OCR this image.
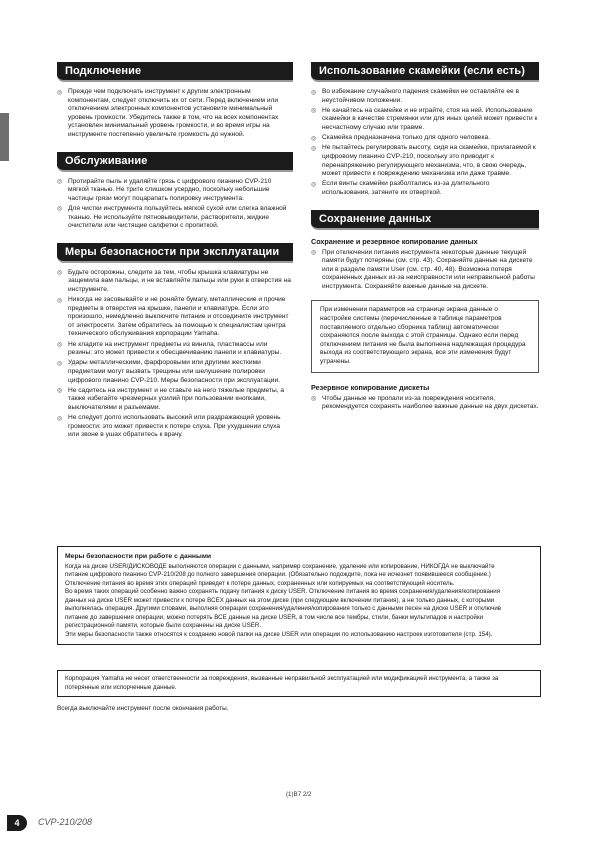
Подключение
◎ Прежде чем подключать инструмент к другим электронным компонентам, следует отключить их от сети. Перед включением или отключением электронных компонентов установите минимальный уровень громкости. Убедитесь также в том, что на всех компонентах установлен минимальный уровень громкости, и во время игры на инструменте постепенно увеличьте громкость до нужной.
Обслуживание
◎ Протирайте пыль и удаляйте грязь с цифрового пианино CVP-210 мягкой тканью. Не трите слишком усердно, поскольку небольшие частицы грязи могут поцарапать полировку инструмента.
◎ Для чистки инструмента пользуйтесь мягкой сухой или слегка влажной тканью. Не используйте пятновыводители, растворители, жидкие очистители или чистящие салфетки с пропиткой.
Меры безопасности при эксплуатации
◎ Будьте осторожны, следите за тем, чтобы крышка клавиатуры не защемила вам пальцы, и не вставляйте пальцы или руки в отверстия на инструменте.
◎ Никогда не засовывайте и не роняйте бумагу, металлические и прочие предметы в отверстия на крышке, панели и клавиатуре. Если это произошло, немедленно выключите питание и отсоедините инструмент от электросети. Затем обратитесь за помощью к специалистам центра технического обслуживания корпорации Yamaha.
◎ Не кладите на инструмент предметы из винила, пластмассы или резины: это может привести к обесцвечиванию панели и клавиатуры.
◎ Удары металлическими, фарфоровыми или другими жесткими предметами могут вызвать трещины или шелушение полировки цифрового пианино CVP-210. Меры безопасности при эксплуатации.
◎ Не садитесь на инструмент и не ставьте на него тяжелые предметы, а также избегайте чрезмерных усилий при пользовании кнопками, выключателями и разъемами.
◎ Не следует долго использовать высокий или раздражающий уровень громкости: это может привести к потере слуха. При ухудшении слуха или звоне в ушах обратитесь к врачу.
Использование скамейки (если есть)
◎ Во избежание случайного падения скамейки не оставляйте ее в неустойчивом положении.
◎ Не качайтесь на скамейке и не играйте, стоя на ней. Использование скамейки в качестве стремянки или для иных целей может привести к несчастному случаю или травме.
◎ Скамейка предназначена только для одного человека.
◎ Не пытайтесь регулировать высоту, сидя на скамейке, прилагаемой к цифровому пианино CVP-210, поскольку это приводит к перенапряжению регулирующего механизма, что, в свою очередь, может привести к повреждению механизма или даже травме.
◎ Если винты скамейки разболтались из-за длительного использования, затяните их отверткой.
Сохранение данных
Сохранение и резервное копирование данных
◎ При отключении питания инструмента некоторые данные текущей памяти будут потеряны (см. стр. 43). Сохраняйте данные на дискете или в разделе памяти User (см. стр. 40, 48). Возможна потеря сохраненных данных из-за неисправности или неправильной работы инструмента. Сохраняйте важные данные на дискете.
При изменении параметров на странице экрана данные о настройке системы (перечисленные в таблице параметров поставляемого отдельно сборника таблиц) автоматически сохраняются после выхода с этой страницы. Однако если перед отключением питания не была выполнена надлежащая процедура выхода из соответствующего экрана, все эти изменения будут утрачены.
Резервное копирование дискеты
◎ Чтобы данные не пропали из-за повреждения носителя, рекомендуется сохранять наиболее важные данные на двух дискетах.
Меры безопасности при работе с данными
Когда на диске USER/ДИСКОВОДЕ выполняются операции с данными, например сохранение, удаление или копирование, НИКОГДА не выключайте
питание цифрового пианино CVP-210/208 до полного завершения операции. (Обязательно подождите, пока не исчезнет появившееся сообщение.)
Отключение питания во время этих операций приведет к потере данных, сохраненных или копируемых на соответствующий носитель.
Во время таких операций особенно важно сохранять подачу питания к диску USER. Отключение питания во время сохранения/удаления/копирования
данных на диске USER может привести к потере ВСЕХ данных на этом диске (при следующем включении питания), а не только данных, с которыми
выполнялась операция. Другими словами, выполняя операции сохранения/удаления/копирования только с данными песен на диске USER и отключив
питание до завершения операции, можно потерять ВСЕ данные на диске USER, в том числе все тембры, стили, банки мультипадов и настройки
регистрационной памяти, которые были сохранены на диске USER.
Эти меры безопасности также относятся к созданию новой папки на диске USER или операции по использованию настроек изготовителя (стр. 154).
Корпорация Yamaha не несет ответственности за повреждения, вызванные неправильной эксплуатацией или модификацией инструмента, а также за
потерянные или испорченные данные.
Всегда выключайте инструмент после окончания работы.
(1)B7 2/2
4	CVP-210/208
